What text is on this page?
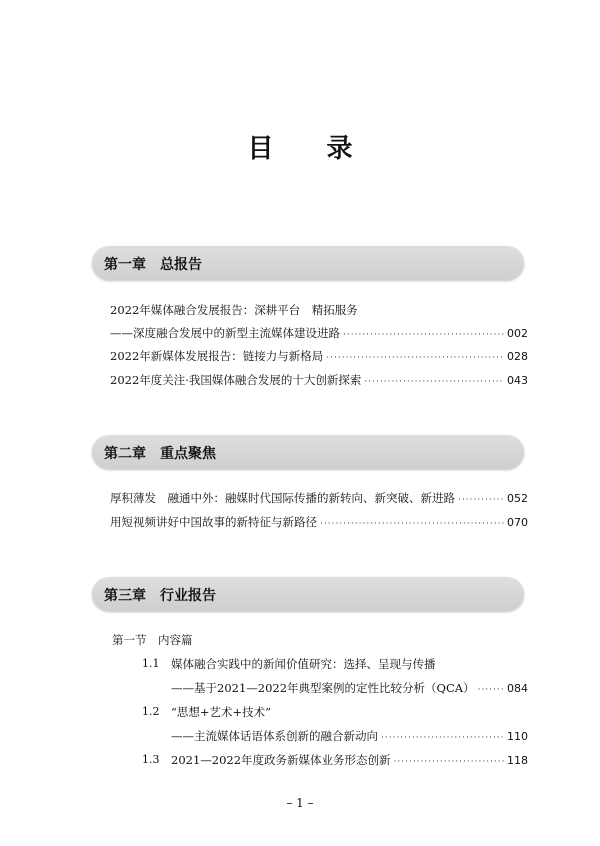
目 录
第一章　总报告
2022年媒体融合发展报告：深耕平台　精拓服务
——深度融合发展中的新型主流媒体建设进路 ·····	002
2022年新媒体发展报告：链接力与新格局 ·····	028
2022年度关注·我国媒体融合发展的十大创新探索 ·····	043
第二章　重点聚焦
厚积薄发　融通中外：融媒时代国际传播的新转向、新突破、新进路 ·····	052
用短视频讲好中国故事的新特征与新路径 ·····	070
第三章　行业报告
第一节　内容篇
1.1 媒体融合实践中的新闻价值研究：选择、呈现与传播
——基于2021—2022年典型案例的定性比较分析（QCA） ·····	084
1.2 “思想+艺术+技术”
——主流媒体话语体系创新的融合新动向 ·····	110
1.3 2021—2022年度政务新媒体业务形态创新 ·····	118
– 1 –
